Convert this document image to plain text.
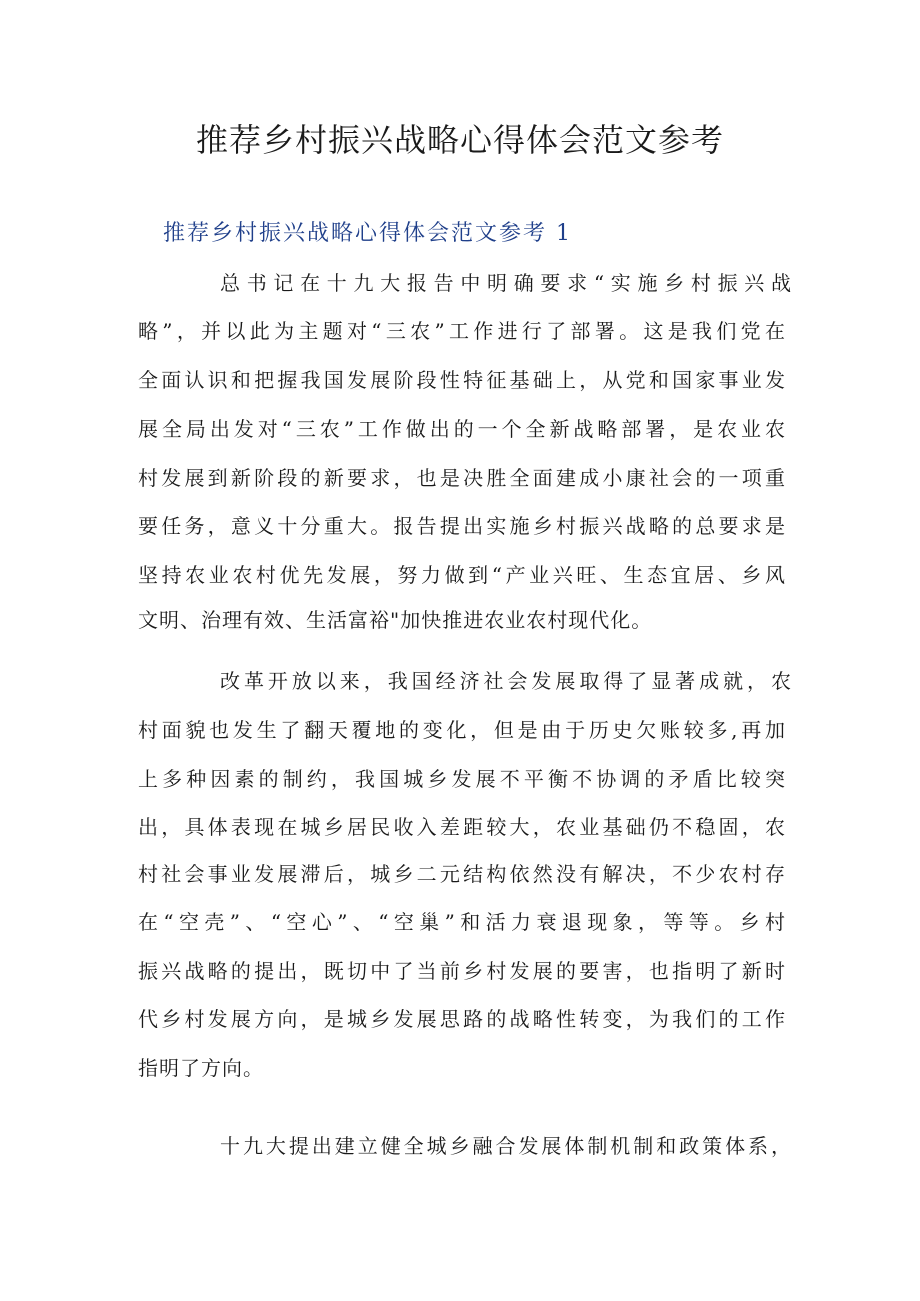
推荐乡村振兴战略心得体会范文参考
推荐乡村振兴战略心得体会范文参考 1
总书记在十九大报告中明确要求“实施乡村振兴战
略”，并以此为主题对“三农”工作进行了部署。这是我们党在
全面认识和把握我国发展阶段性特征基础上，从党和国家事业发
展全局出发对“三农”工作做出的一个全新战略部署，是农业农
村发展到新阶段的新要求，也是决胜全面建成小康社会的一项重
要任务，意义十分重大。报告提出实施乡村振兴战略的总要求是
坚持农业农村优先发展，努力做到“产业兴旺、生态宜居、乡风
文明、治理有效、生活富裕"加快推进农业农村现代化。
改革开放以来，我国经济社会发展取得了显著成就，农
村面貌也发生了翻天覆地的变化，但是由于历史欠账较多,再加
上多种因素的制约，我国城乡发展不平衡不协调的矛盾比较突
出，具体表现在城乡居民收入差距较大，农业基础仍不稳固，农
村社会事业发展滞后，城乡二元结构依然没有解决，不少农村存
在“空壳”、“空心”、“空巢”和活力衰退现象，等等。乡村
振兴战略的提出，既切中了当前乡村发展的要害，也指明了新时
代乡村发展方向，是城乡发展思路的战略性转变，为我们的工作
指明了方向。
十九大提出建立健全城乡融合发展体制机制和政策体系，
